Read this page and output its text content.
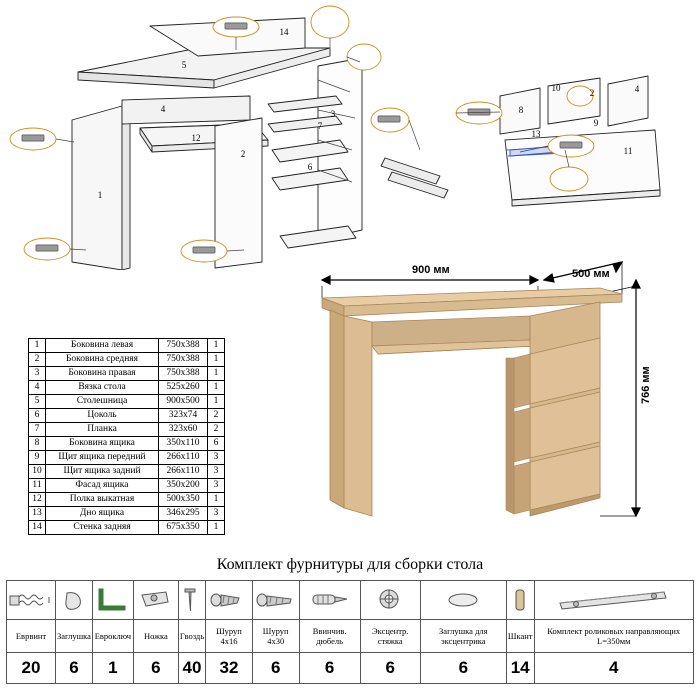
14
5
4
12
2
1
3
7
6
8
10	2	4
9
13
11
1	Боковина левая	750x388	1
2	Боковина средняя	750x388	1
3	Боковина правая	750x388	1
4	Вязка стола	525x260	1
5	Столешница	900x500	1
6	Цоколь	323x74	2
7	Планка	323x60	2
8	Боковина ящика	350x110	6
9	Щит ящика передний	266x110	3
10	Щит ящика задний	266x110	3
11	Фасад ящика	350x200	3
12	Полка выкатная	500x350	1
13	Дно ящика	346x295	3
14	Стенка задняя	675x350	1
900 мм	500 мм
766 мм
Комплект фурнитуры для сборки стола

Еврвинт	Заглушка	Евроключ	Ножка	Гвоздь	Шуруп 4х16	Шуруп 4х30	Ввинчив. дюбель	Эксцентр. стяжка	Заглушка для эксцентрика	Шкант	Комплект роликовых направляющих L=350мм
20	6	1	6	40	32	6	6	6	6	14	4
